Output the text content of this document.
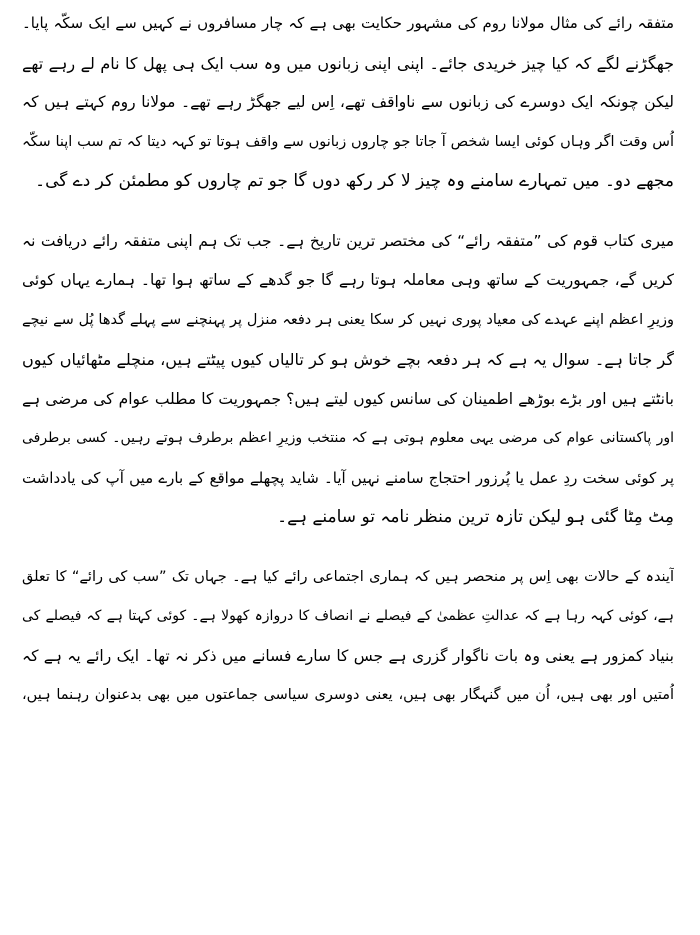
متفقہ رائے کی مثال مولانا روم کی مشہور حکایت بھی ہے کہ چار مسافروں نے کہیں سے ایک سکّہ پایا۔
جھگڑنے لگے کہ کیا چیز خریدی جائے۔ اپنی اپنی زبانوں میں وہ سب ایک ہی پھل کا نام لے رہے تھے
لیکن چونکہ ایک دوسرے کی زبانوں سے ناواقف تھے، اِس لیے جھگڑ رہے تھے۔ مولانا روم کہتے ہیں کہ
اُس وقت اگر وہاں کوئی ایسا شخص آ جاتا جو چاروں زبانوں سے واقف ہوتا تو کہہ دیتا کہ تم سب اپنا سکّہ
مجھے دو۔ میں تمہارے سامنے وہ چیز لا کر رکھ دوں گا جو تم چاروں کو مطمئن کر دے گی۔
میری کتاب قوم کی ”متفقہ رائے“ کی مختصر ترین تاریخ ہے۔ جب تک ہم اپنی متفقہ رائے دریافت نہ
کریں گے، جمہوریت کے ساتھ وہی معاملہ ہوتا رہے گا جو گدھے کے ساتھ ہوا تھا۔ ہمارے یہاں کوئی
وزیرِ اعظم اپنے عہدے کی معیاد پوری نہیں کر سکا یعنی ہر دفعہ منزل پر پہنچنے سے پہلے گدھا پُل سے نیچے
گر جاتا ہے۔ سوال یہ ہے کہ ہر دفعہ بچے خوش ہو کر تالیاں کیوں پیٹتے ہیں، منچلے مٹھائیاں کیوں
بانٹتے ہیں اور بڑے بوڑھے اطمینان کی سانس کیوں لیتے ہیں؟ جمہوریت کا مطلب عوام کی مرضی ہے
اور پاکستانی عوام کی مرضی یہی معلوم ہوتی ہے کہ منتخب وزیرِ اعظم برطرف ہوتے رہیں۔ کسی برطرفی
پر کوئی سخت ردِ عمل یا پُرزور احتجاج سامنے نہیں آیا۔ شاید پچھلے مواقع کے بارے میں آپ کی یادداشت
مِٹ مِٹا گئی ہو لیکن تازہ ترین منظر نامہ تو سامنے ہے۔
آیندہ کے حالات بھی اِس پر منحصر ہیں کہ ہماری اجتماعی رائے کیا ہے۔ جہاں تک ”سب کی رائے“ کا تعلق
ہے، کوئی کہہ رہا ہے کہ عدالتِ عظمیٰ کے فیصلے نے انصاف کا دروازہ کھولا ہے۔ کوئی کہتا ہے کہ فیصلے کی
بنیاد کمزور ہے یعنی وہ بات ناگوار گزری ہے جس کا سارے فسانے میں ذکر نہ تھا۔ ایک رائے یہ ہے کہ
اُمتیں اور بھی ہیں، اُن میں گنہگار بھی ہیں، یعنی دوسری سیاسی جماعتوں میں بھی بدعنوان رہنما ہیں،
